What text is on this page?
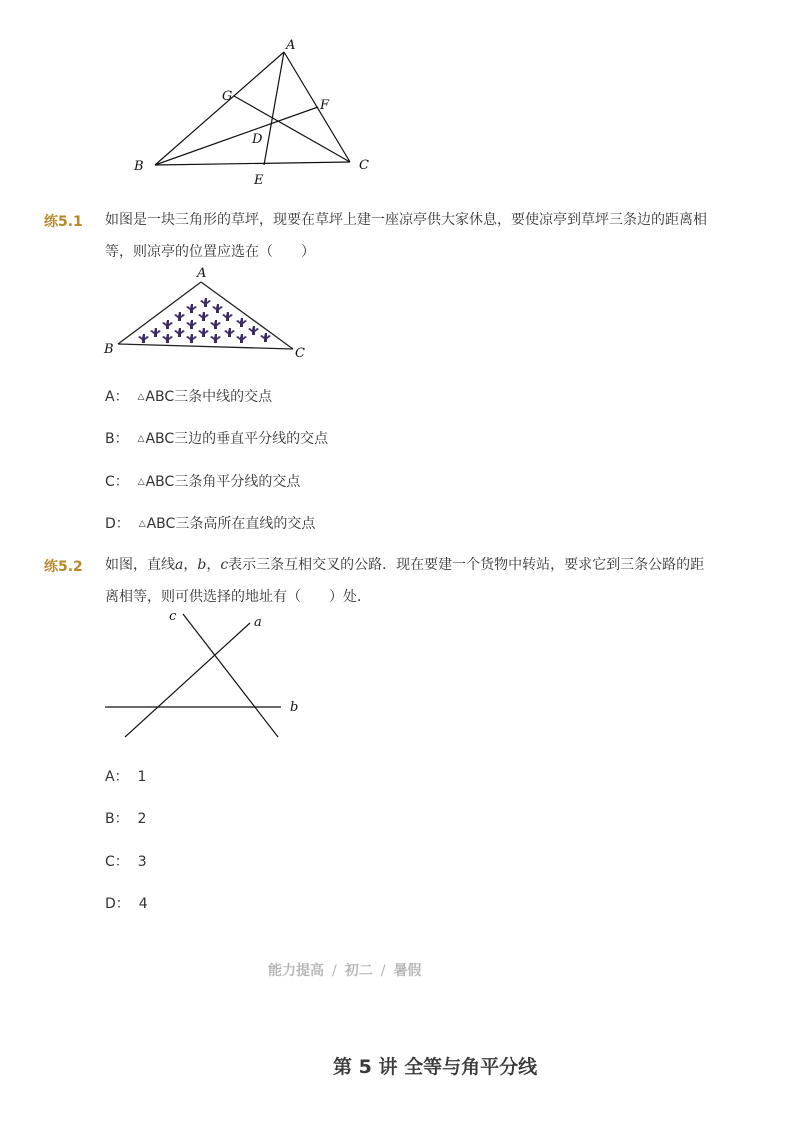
A
B	C
D
E
F
G
练5.1 如图是一块三角形的草坪，现要在草坪上建一座凉亭供大家休息，要使凉亭到草坪三条边的距离相等，则凉亭的位置应选在（　　）
A
B	C
A： △ABC三条中线的交点
B： △ABC三边的垂直平分线的交点
C： △ABC三条角平分线的交点
D： △ABC三条高所在直线的交点
练5.2 如图，直线a，b，c表示三条互相交叉的公路．现在要建一个货物中转站，要求它到三条公路的距离相等，则可供选择的地址有（　　）处．
c	a
b
A： 1
B： 2
C： 3
D： 4
能力提高 / 初二 / 暑假
第 5 讲 全等与角平分线
